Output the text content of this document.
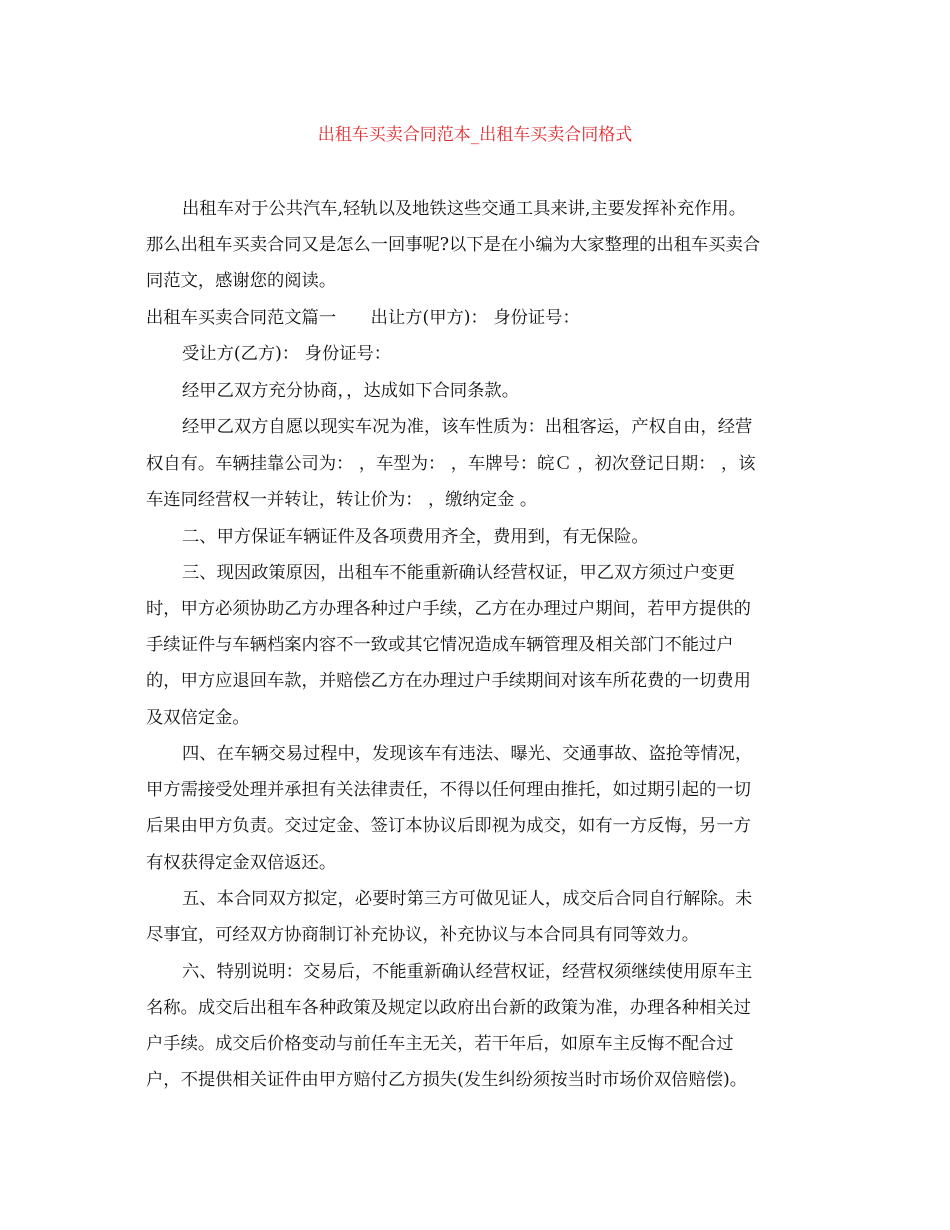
出租车买卖合同范本_出租车买卖合同格式
出租车对于公共汽车,轻轨以及地铁这些交通工具来讲,主要发挥补充作用。
那么出租车买卖合同又是怎么一回事呢?以下是在小编为大家整理的出租车买卖合
同范文，感谢您的阅读。
出租车买卖合同范文篇一　　出让方(甲方)： 身份证号：
受让方(乙方)： 身份证号：
经甲乙双方充分协商，，达成如下合同条款。
经甲乙双方自愿以现实车况为准，该车性质为：出租客运，产权自由，经营
权自有。车辆挂靠公司为： ，车型为： ，车牌号：皖Ｃ ，初次登记日期： ，该
车连同经营权一并转让，转让价为： ，缴纳定金 。
二、甲方保证车辆证件及各项费用齐全，费用到，有无保险。
三、现因政策原因，出租车不能重新确认经营权证，甲乙双方须过户变更
时，甲方必须协助乙方办理各种过户手续，乙方在办理过户期间，若甲方提供的
手续证件与车辆档案内容不一致或其它情况造成车辆管理及相关部门不能过户
的，甲方应退回车款，并赔偿乙方在办理过户手续期间对该车所花费的一切费用
及双倍定金。
四、在车辆交易过程中，发现该车有违法、曝光、交通事故、盗抢等情况，
甲方需接受处理并承担有关法律责任，不得以任何理由推托，如过期引起的一切
后果由甲方负责。交过定金、签订本协议后即视为成交，如有一方反悔，另一方
有权获得定金双倍返还。
五、本合同双方拟定，必要时第三方可做见证人，成交后合同自行解除。未
尽事宜，可经双方协商制订补充协议，补充协议与本合同具有同等效力。
六、特别说明：交易后，不能重新确认经营权证，经营权须继续使用原车主
名称。成交后出租车各种政策及规定以政府出台新的政策为准，办理各种相关过
户手续。成交后价格变动与前任车主无关，若干年后，如原车主反悔不配合过
户，不提供相关证件由甲方赔付乙方损失(发生纠纷须按当时市场价双倍赔偿)。
